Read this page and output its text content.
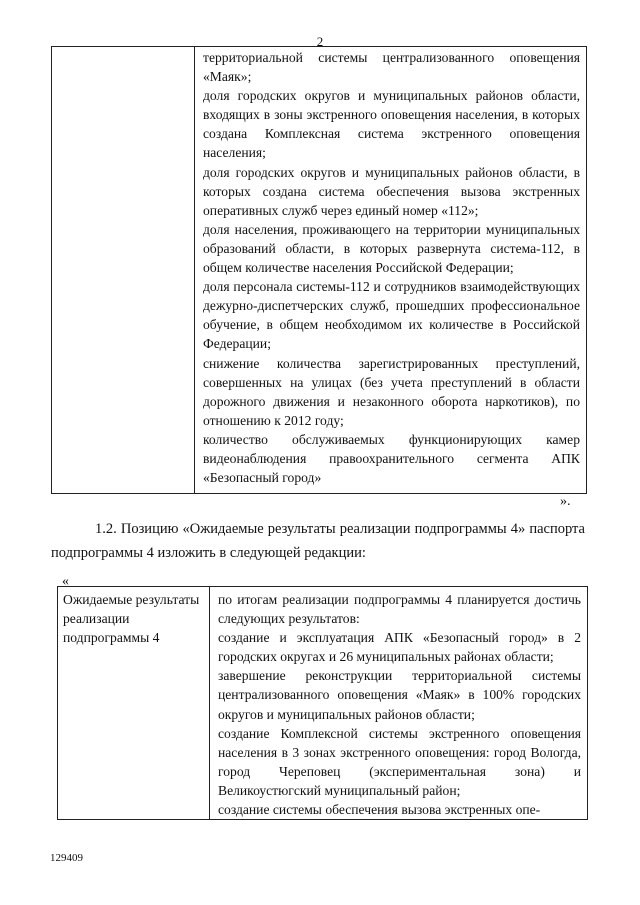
2
территориальной системы централизованного оповещения «Маяк»;
доля городских округов и муниципальных районов области, входящих в зоны экстренного оповещения населения, в которых создана Комплексная система экстренного оповещения населения;
доля городских округов и муниципальных районов области, в которых создана система обеспечения вызова экстренных оперативных служб через единый номер «112»;
доля населения, проживающего на территории муниципальных образований области, в которых развернута система-112, в общем количестве населения Российской Федерации;
доля персонала системы-112 и сотрудников взаимодействующих дежурно-диспетчерских служб, прошедших профессиональное обучение, в общем необходимом их количестве в Российской Федерации;
снижение количества зарегистрированных преступлений, совершенных на улицах (без учета преступлений в области дорожного движения и незаконного оборота наркотиков), по отношению к 2012 году;
количество обслуживаемых функционирующих камер видеонаблюдения правоохранительного сегмента АПК «Безопасный город»
».
1.2. Позицию «Ожидаемые результаты реализации подпрограммы 4» паспорта подпрограммы 4 изложить в следующей редакции:
«
Ожидаемые результаты реализации подпрограммы 4
по итогам реализации подпрограммы 4 планируется достичь следующих результатов:
создание и эксплуатация АПК «Безопасный город» в 2 городских округах и 26 муниципальных районах области;
завершение реконструкции территориальной системы централизованного оповещения «Маяк» в 100% городских округов и муниципальных районов области;
создание Комплексной системы экстренного оповещения населения в 3 зонах экстренного оповещения: город Вологда, город Череповец (экспериментальная зона) и Великоустюгский муниципальный район;
создание системы обеспечения вызова экстренных опе-
129409
